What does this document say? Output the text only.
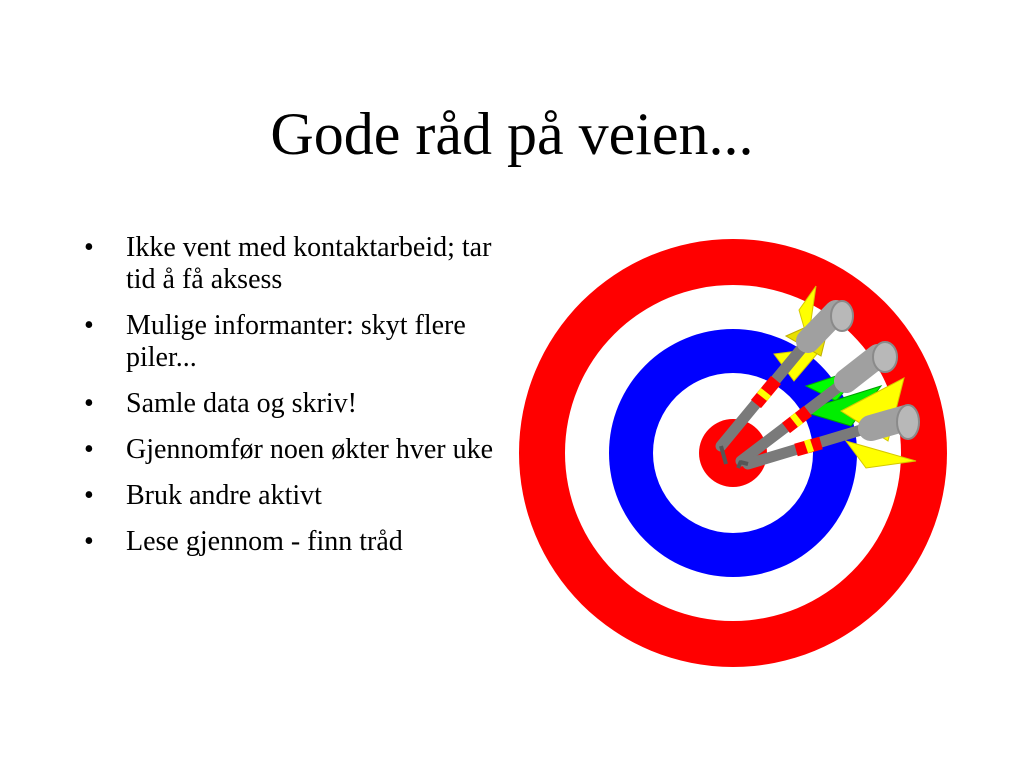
Gode råd på veien...
• Ikke vent med kontaktarbeid; tar tid å få aksess
• Mulige informanter: skyt flere piler...
• Samle data og skriv!
• Gjennomfør noen økter hver uke
• Bruk andre aktivt
• Lese gjennom - finn tråd
